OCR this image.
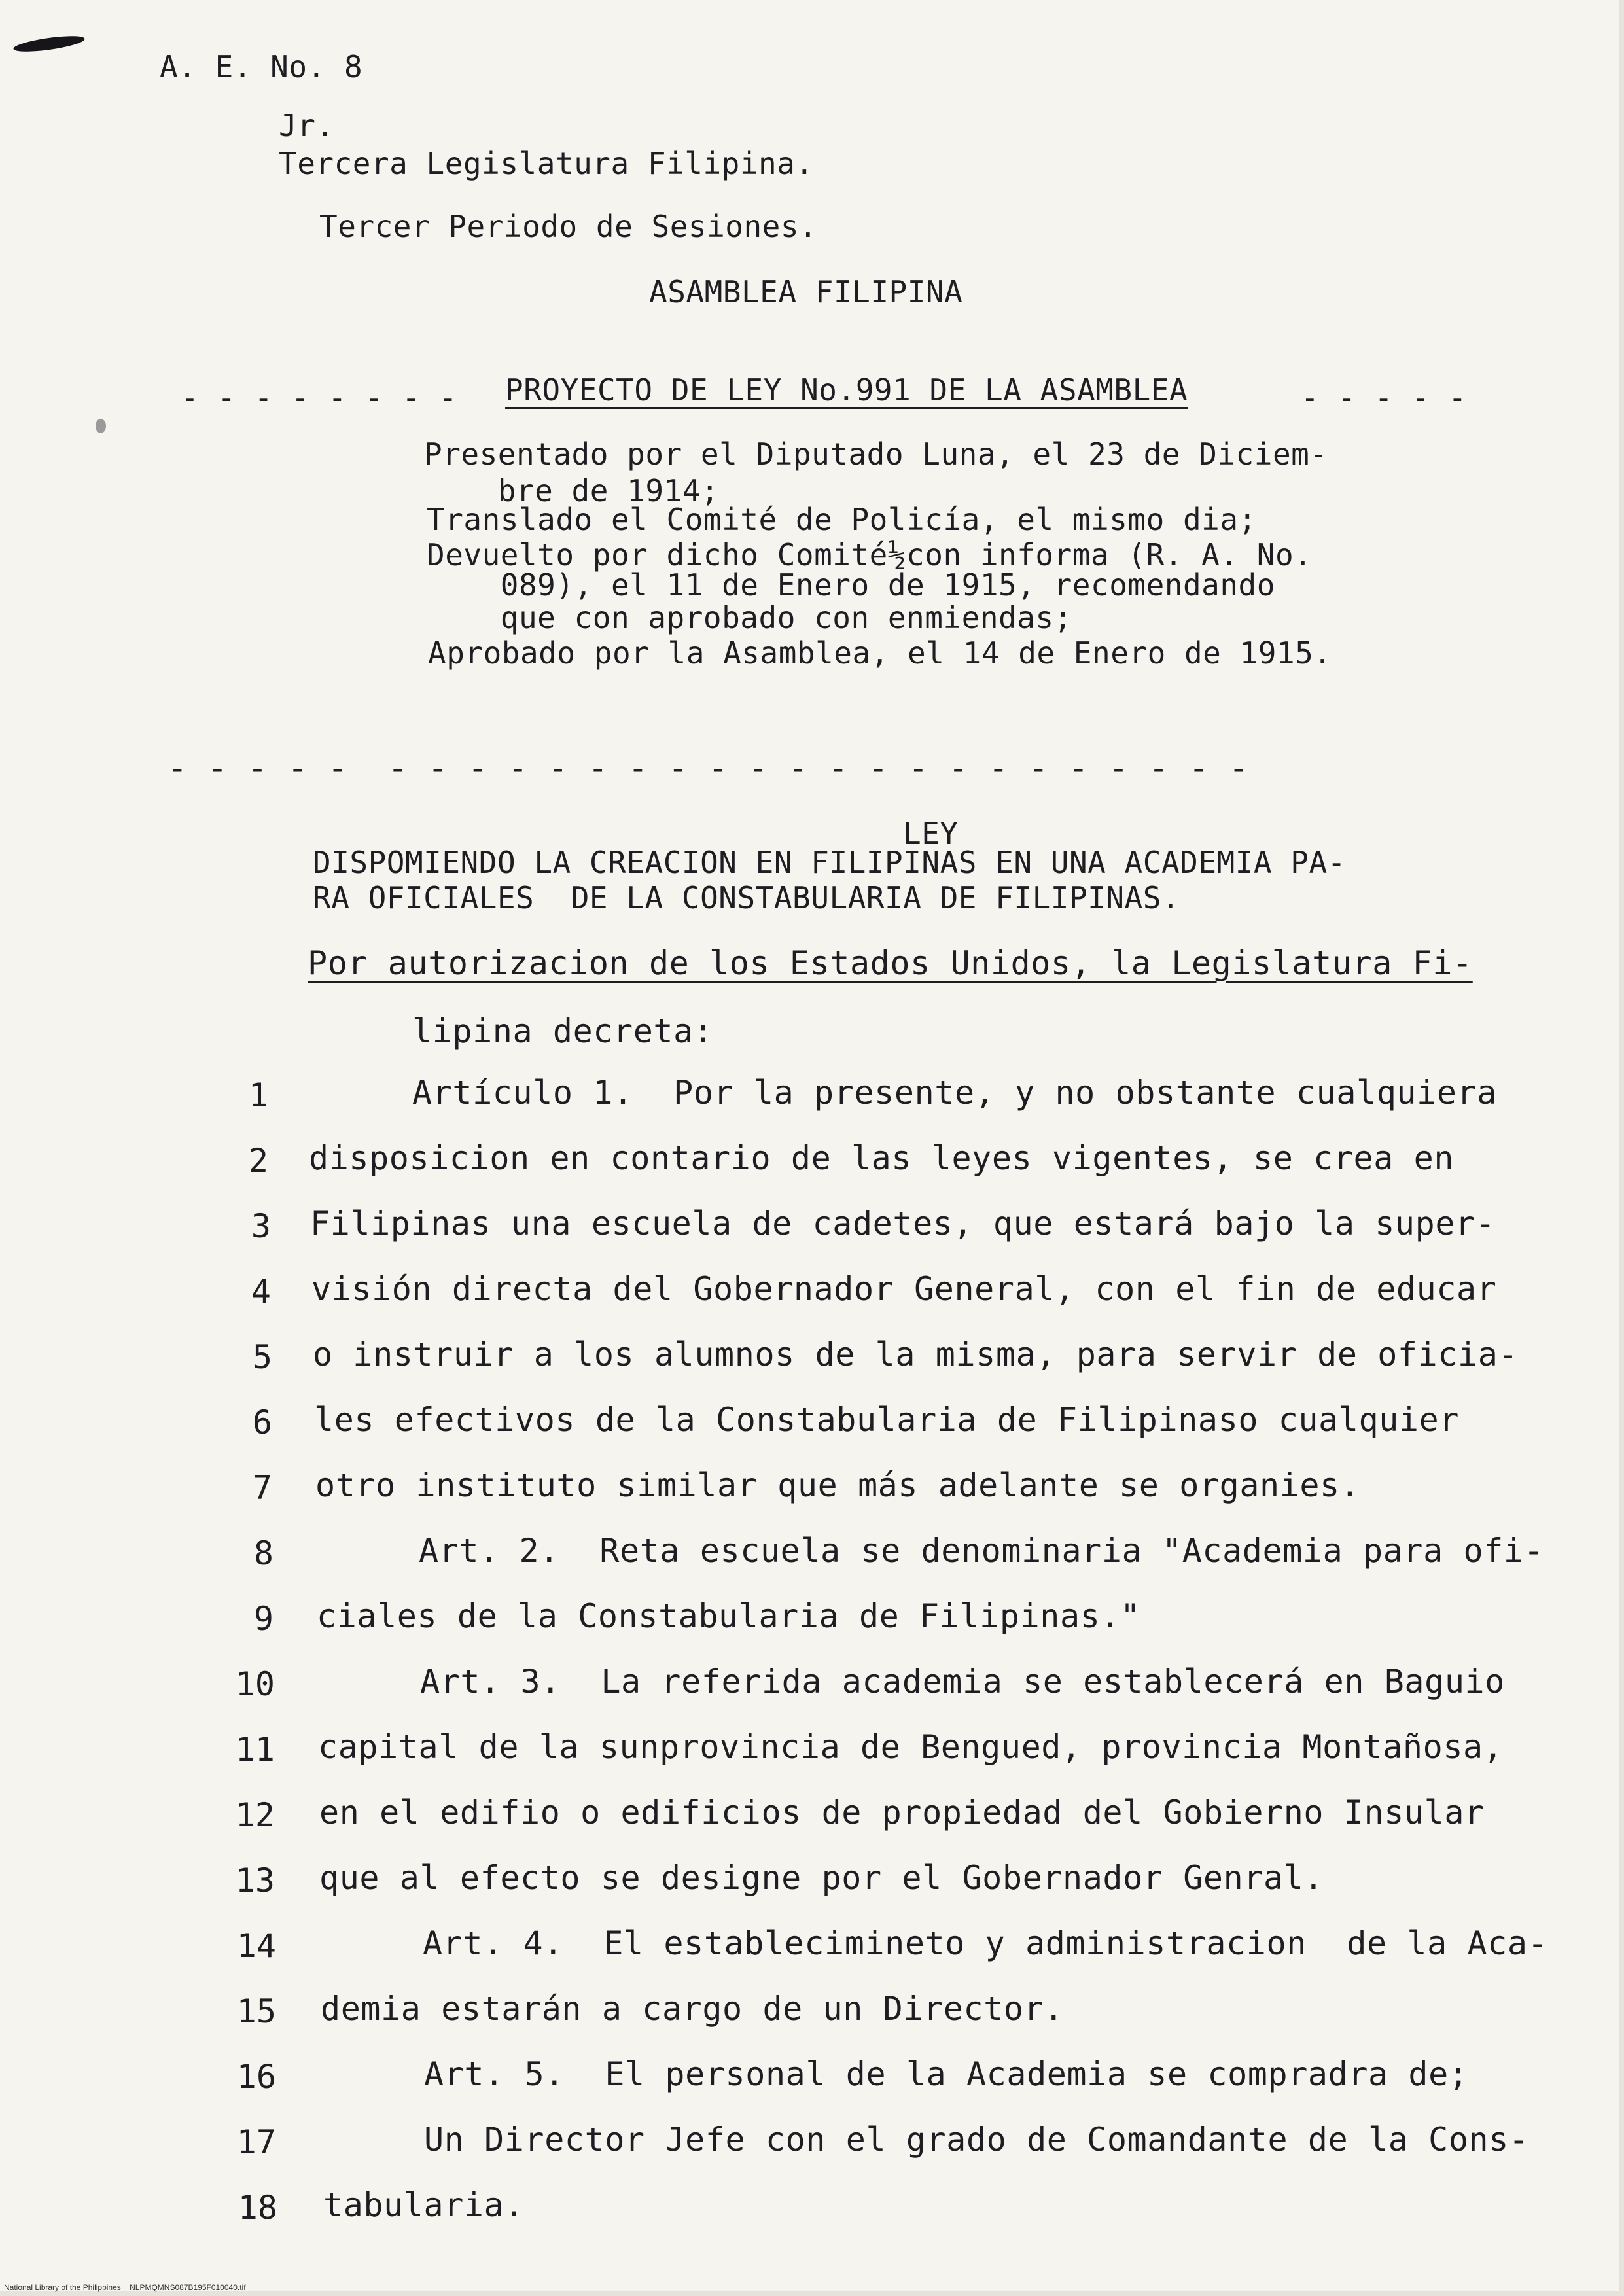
A. E. No. 8
Jr.
Tercera Legislatura Filipina.
Tercer Periodo de Sesiones.
ASAMBLEA FILIPINA
- - - - - - - - PROYECTO DE LEY No.991 DE LA ASAMBLEA	- - - - -
Presentado por el Diputado Luna, el 23 de Diciem-
bre de 1914;
Translado el Comité de Policía, el mismo dia;
Devuelto por dicho Comité½con informa (R. A. No.
089), el 11 de Enero de 1915, recomendando
que con aprobado con enmiendas;
Aprobado por la Asamblea, el 14 de Enero de 1915.
- - - - -  - - - - - - - - - - - - - - - - - - - - - -
LEY
DISPOMIENDO LA CREACION EN FILIPINAS EN UNA ACADEMIA PA-
RA OFICIALES  DE LA CONSTABULARIA DE FILIPINAS.
Por autorizacion de los Estados Unidos, la Legislatura Fi-
lipina decreta:
1	Artículo 1.  Por la presente, y no obstante cualquiera
2 disposicion en contario de las leyes vigentes, se crea en
3 Filipinas una escuela de cadetes, que estará bajo la super-
4 visión directa del Gobernador General, con el fin de educar
5 o instruir a los alumnos de la misma, para servir de oficia-
6 les efectivos de la Constabularia de Filipinaso cualquier
7 otro instituto similar que más adelante se organies.
8	Art. 2.  Reta escuela se denominaria "Academia para ofi-
9 ciales de la Constabularia de Filipinas."
10	Art. 3.  La referida academia se establecerá en Baguio
11 capital de la sunprovincia de Bengued, provincia Montañosa,
12 en el edifio o edificios de propiedad del Gobierno Insular
13 que al efecto se designe por el Gobernador Genral.
14	Art. 4.  El establecimineto y administracion  de la Aca-
15 demia estarán a cargo de un Director.
16	Art. 5.  El personal de la Academia se compradra de;
17	Un Director Jefe con el grado de Comandante de la Cons-
18 tabularia.
National Library of the Philippines    NLPMQMNS087B195F010040.tif
